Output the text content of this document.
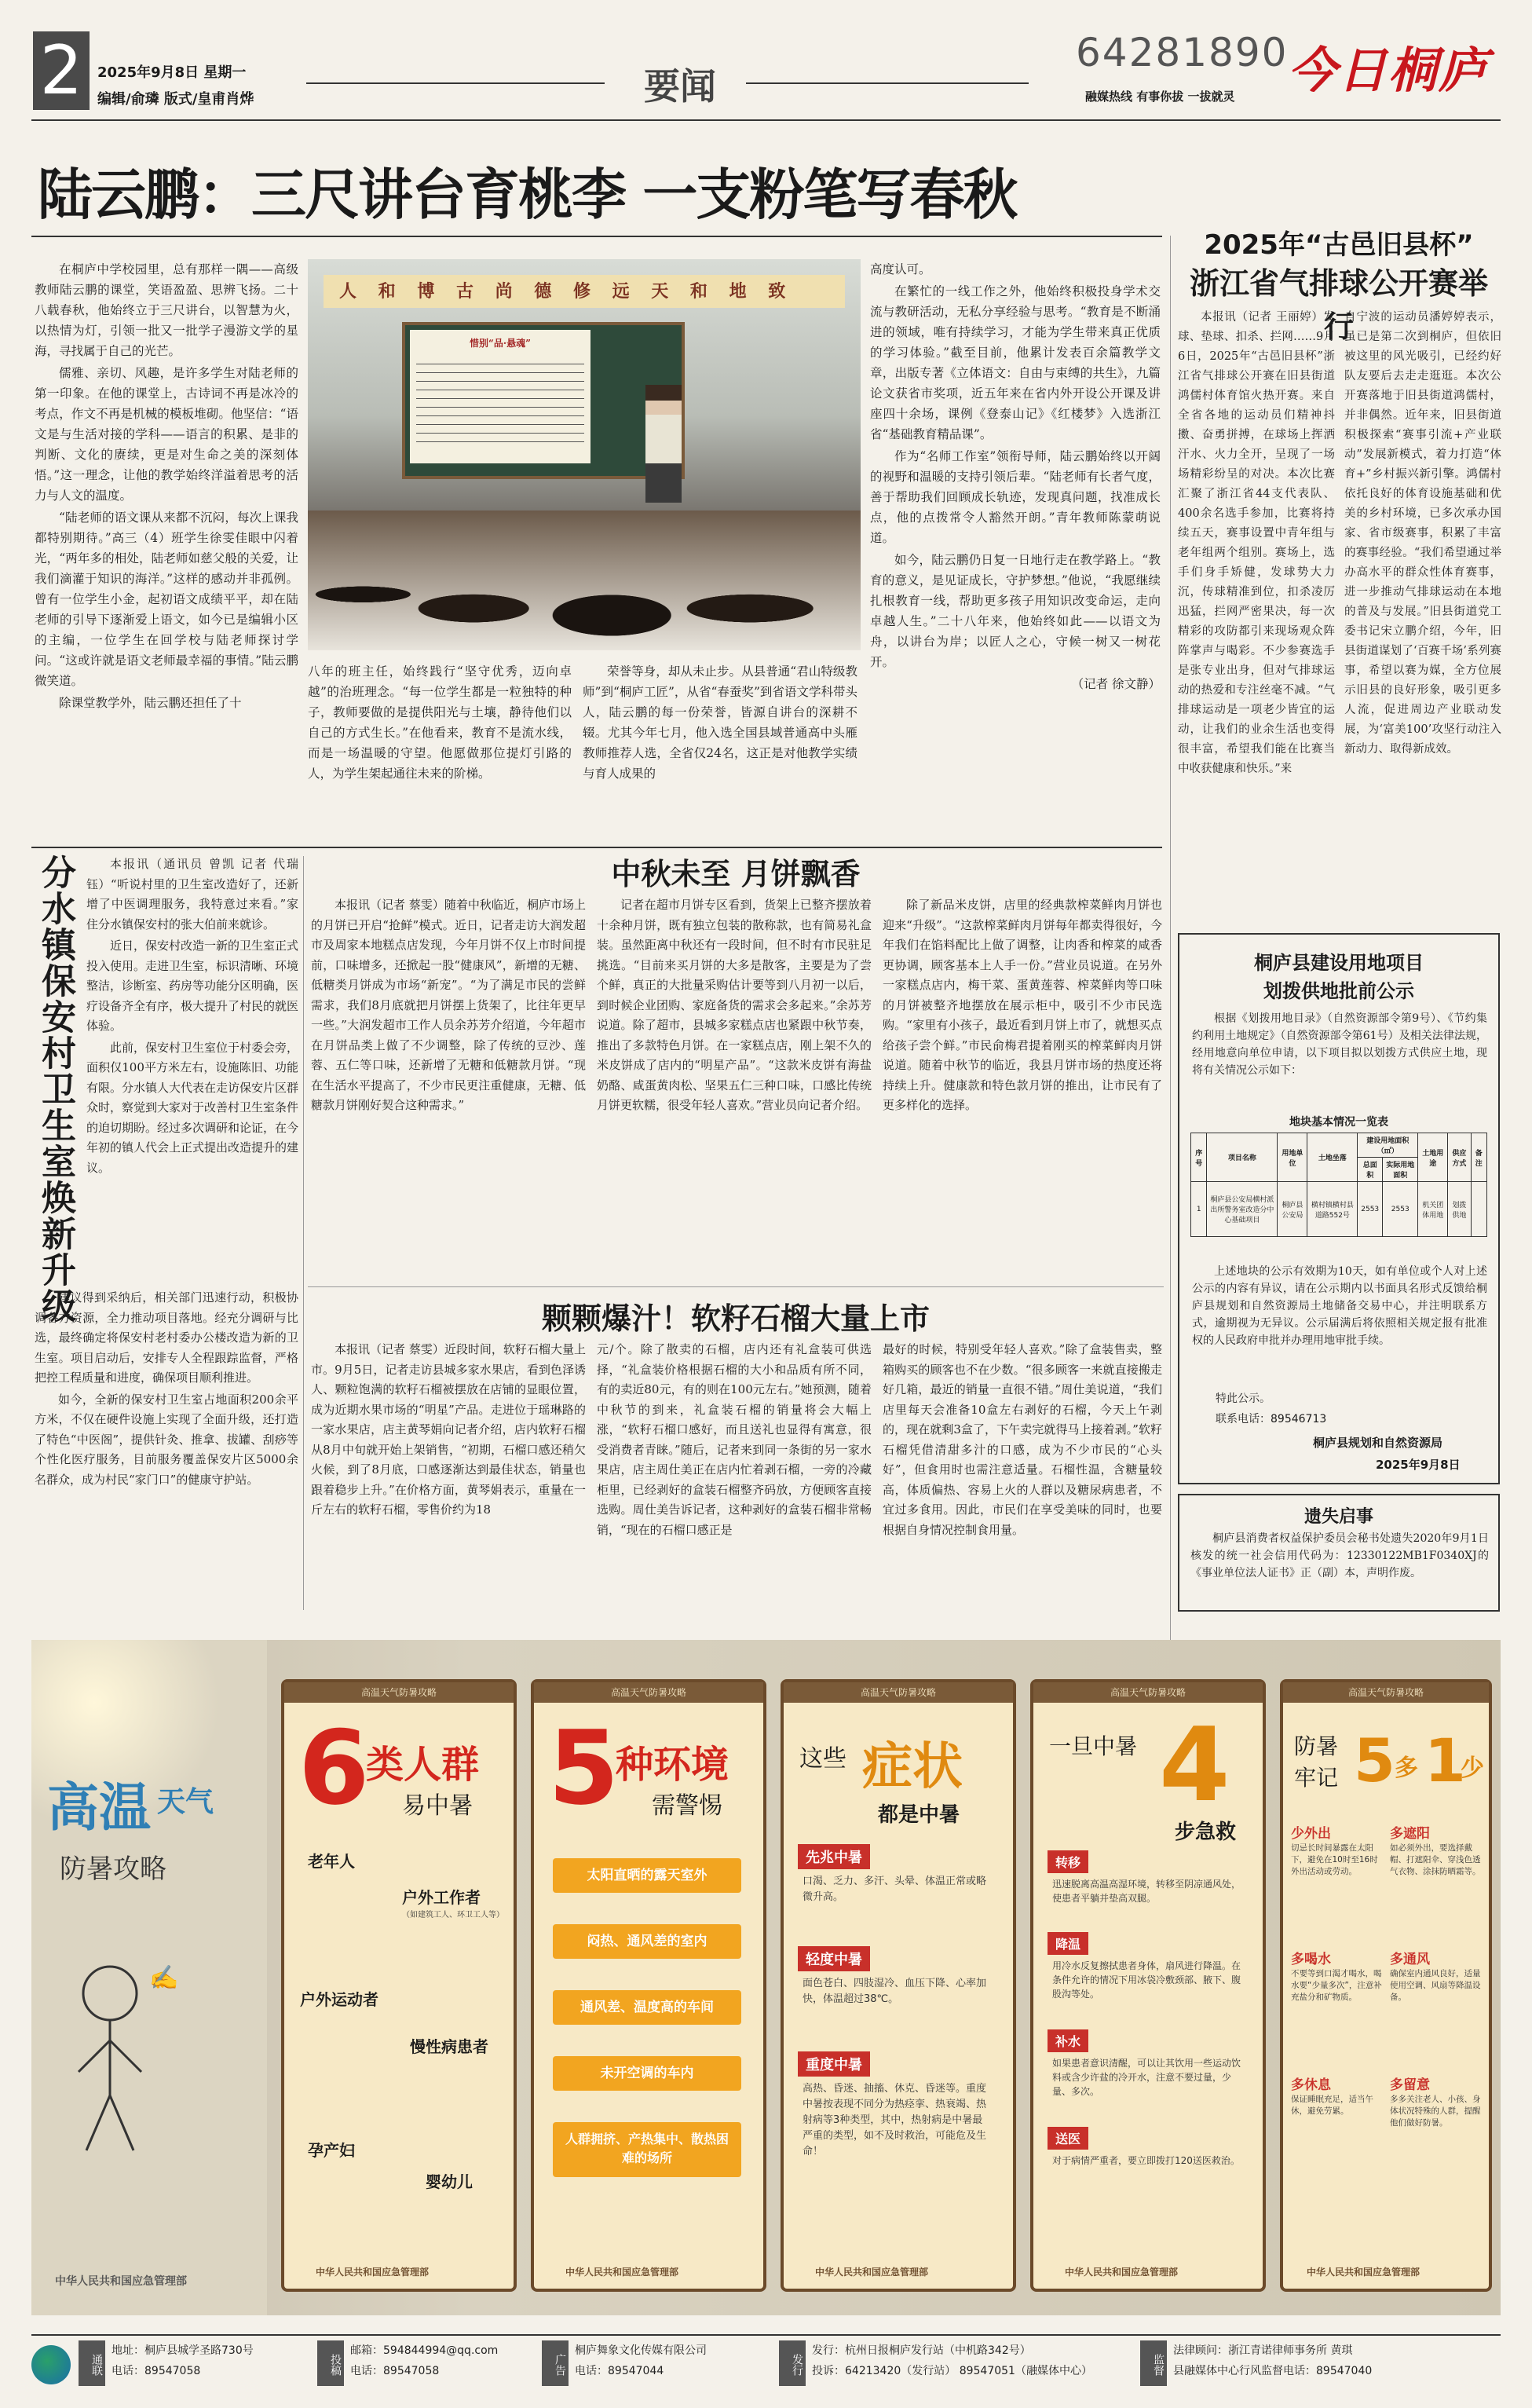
2	2025年9月8日 星期一
编辑/俞璘 版式/皇甫肖烨	要闻
64281890
融媒热线 有事你拔 一拔就灵 今日桐庐
陆云鹏：三尺讲台育桃李 一支粉笔写春秋

在桐庐中学校园里，总有那样一隅——高级教师陆云鹏的课堂，笑语盈盈、思辨飞扬。二十八载春秋，他始终立于三尺讲台，以智慧为火，以热情为灯，引领一批又一批学子漫游文学的星海，寻找属于自己的光芒。

儒雅、亲切、风趣，是许多学生对陆老师的第一印象。在他的课堂上，古诗词不再是冰冷的考点，作文不再是机械的模板堆砌。他坚信：“语文是与生活对接的学科——语言的积累、是非的判断、文化的赓续，更是对生命之美的深刻体悟。”这一理念，让他的教学始终洋溢着思考的活力与人文的温度。

“陆老师的语文课从来都不沉闷，每次上课我都特别期待。”高三（4）班学生徐雯佳眼中闪着光，“两年多的相处，陆老师如慈父般的关爱，让我们滴灌于知识的海洋。”这样的感动并非孤例。曾有一位学生小金，起初语文成绩平平，却在陆老师的引导下逐渐爱上语文，如今已是编辑小区的主编，一位学生在回学校与陆老师探讨学问。“这或许就是语文老师最幸福的事情。”陆云鹏微笑道。

除课堂教学外，陆云鹏还担任了十

人 和 博 古 尚 德 修 远 天 和 地 致
惜别“品·悬魂”

八年的班主任，始终践行“坚守优秀，迈向卓越”的治班理念。“每一位学生都是一粒独特的种子，教师要做的是提供阳光与土壤，静待他们以自己的方式生长。”在他看来，教育不是流水线，而是一场温暖的守望。他愿做那位提灯引路的人，为学生架起通往未来的阶梯。

荣誉等身，却从未止步。从县普通“君山特级教师”到“桐庐工匠”，从省“春蚕奖”到省语文学科带头人，陆云鹏的每一份荣誉，皆源自讲台的深耕不辍。尤其今年七月，他入选全国县域普通高中头雁教师推荐人选，全省仅24名，这正是对他教学实绩与育人成果的

高度认可。

在繁忙的一线工作之外，他始终积极投身学术交流与教研活动，无私分享经验与思考。“教育是不断涌进的领域，唯有持续学习，才能为学生带来真正优质的学习体验。”截至目前，他累计发表百余篇教学文章，出版专著《立体语文：自由与束缚的共生》，九篇论文获省市奖项，近五年来在省内外开设公开课及讲座四十余场，课例《登泰山记》《红楼梦》入选浙江省“基础教育精品课”。

作为“名师工作室”领衔导师，陆云鹏始终以开阔的视野和温暖的支持引领后辈。“陆老师有长者气度，善于帮助我们回顾成长轨迹，发现真问题，找准成长点，他的点拨常令人豁然开朗。”青年教师陈蒙萌说道。

如今，陆云鹏仍日复一日地行走在教学路上。“教育的意义，是见证成长，守护梦想。”他说，“我愿继续扎根教育一线，帮助更多孩子用知识改变命运，走向卓越人生。”二十八年来，他始终如此——以语文为舟，以讲台为岸；以匠人之心，守候一树又一树花开。

（记者 徐文静）

2025年“古邑旧县杯”
浙江省气排球公开赛举行

本报讯（记者 王丽婷）发球、垫球、扣杀、拦网……9月6日，2025年“古邑旧县杯”浙江省气排球公开赛在旧县街道鸿儒村体育馆火热开赛。来自全省各地的运动员们精神抖擞、奋勇拼搏，在球场上挥洒汗水、火力全开，呈现了一场场精彩纷呈的对决。本次比赛汇聚了浙江省44支代表队、400余名选手参加，比赛将持续五天，赛事设置中青年组与老年组两个组别。赛场上，选手们身手矫健，发球势大力沉，传球精准到位，扣杀凌厉迅猛，拦网严密果决，每一次精彩的攻防都引来现场观众阵阵掌声与喝彩。不少参赛选手是张专业出身，但对气排球运动的热爱和专注丝毫不减。“气排球运动是一项老少皆宜的运动，让我们的业余生活也变得很丰富，希望我们能在比赛当中收获健康和快乐。”来

自宁波的运动员潘婷婷表示，虽已是第二次到桐庐，但依旧被这里的风光吸引，已经约好队友要后去走走逛逛。本次公开赛落地于旧县街道鸿儒村，并非偶然。近年来，旧县街道积极探索“赛事引流+产业联动”发展新模式，着力打造“体育+”乡村振兴新引擎。鸿儒村依托良好的体育设施基础和优美的乡村环境，已多次承办国家、省市级赛事，积累了丰富的赛事经验。“我们希望通过举办高水平的群众性体育赛事，进一步推动气排球运动在本地的普及与发展。”旧县街道党工委书记宋立鹏介绍，今年，旧县街道谋划了‘百赛千场’系列赛事，希望以赛为媒，全方位展示旧县的良好形象，吸引更多人流，促进周边产业联动发展，为‘富美100’攻坚行动注入新动力、取得新成效。

分水镇保安村卫生室焕新升级	本报讯（通讯员 曾凯 记者 代瑞钰）“听说村里的卫生室改造好了，还新增了中医调理服务，我特意过来看。”家住分水镇保安村的张大伯前来就诊。

近日，保安村改造一新的卫生室正式投入使用。走进卫生室，标识清晰、环境整洁，诊断室、药房等功能分区明确，医疗设备齐全有序，极大提升了村民的就医体验。

此前，保安村卫生室位于村委会旁，面积仅100平方米左右，设施陈旧、功能有限。分水镇人大代表在走访保安片区群众时，察觉到大家对于改善村卫生室条件的迫切期盼。经过多次调研和论证，在今年初的镇人代会上正式提出改造提升的建议。

建议得到采纳后，相关部门迅速行动，积极协调各方资源，全力推动项目落地。经充分调研与比选，最终确定将保安村老村委办公楼改造为新的卫生室。项目启动后，安排专人全程跟踪监督，严格把控工程质量和进度，确保项目顺利推进。

如今，全新的保安村卫生室占地面积200余平方米，不仅在硬件设施上实现了全面升级，还打造了特色“中医阁”，提供针灸、推拿、拔罐、刮痧等个性化医疗服务，目前服务覆盖保安片区5000余名群众，成为村民“家门口”的健康守护站。

中秋未至 月饼飘香

本报讯（记者 蔡雯）随着中秋临近，桐庐市场上的月饼已开启“抢鲜”模式。近日，记者走访大润发超市及周家本地糕点店发现，今年月饼不仅上市时间提前，口味增多，还掀起一股“健康风”，新增的无糖、低糖类月饼成为市场“新宠”。“为了满足市民的尝鲜需求，我们8月底就把月饼摆上货架了，比往年更早一些。”大润发超市工作人员余苏芳介绍道，今年超市在月饼品类上做了不少调整，除了传统的豆沙、莲蓉、五仁等口味，还新增了无糖和低糖款月饼。“现在生活水平提高了，不少市民更注重健康，无糖、低糖款月饼刚好契合这种需求。”

记者在超市月饼专区看到，货架上已整齐摆放着十余种月饼，既有独立包装的散称款，也有简易礼盒装。虽然距离中秋还有一段时间，但不时有市民驻足挑选。“目前来买月饼的大多是散客，主要是为了尝个鲜，真正的大批量采购估计要等到八月初一以后，到时候企业团购、家庭备货的需求会多起来。”余苏芳说道。除了超市，县城多家糕点店也紧跟中秋节奏，推出了多款特色月饼。在一家糕点店，刚上架不久的米皮饼成了店内的“明星产品”。“这款米皮饼有海盐奶酪、咸蛋黄肉松、坚果五仁三种口味，口感比传统月饼更软糯，很受年轻人喜欢。”营业员向记者介绍。

除了新品米皮饼，店里的经典款榨菜鲜肉月饼也迎来“升级”。“这款榨菜鲜肉月饼每年都卖得很好，今年我们在馅料配比上做了调整，让肉香和榨菜的咸香更协调，顾客基本上人手一份。”营业员说道。在另外一家糕点店内，梅干菜、蛋黄莲蓉、榨菜鲜肉等口味的月饼被整齐地摆放在展示柜中，吸引不少市民选购。“家里有小孩子，最近看到月饼上市了，就想买点给孩子尝个鲜。”市民俞梅君提着刚买的榨菜鲜肉月饼说道。随着中秋节的临近，我县月饼市场的热度还将持续上升。健康款和特色款月饼的推出，让市民有了更多样化的选择。

颗颗爆汁！软籽石榴大量上市

本报讯（记者 蔡雯）近段时间，软籽石榴大量上市。9月5日，记者走访县城多家水果店，看到色泽诱人、颗粒饱满的软籽石榴被摆放在店铺的显眼位置，成为近期水果市场的“明星”产品。走进位于瑶琳路的一家水果店，店主黄琴娟向记者介绍，店内软籽石榴从8月中旬就开始上架销售，“初期，石榴口感还稍欠火候，到了8月底，口感逐渐达到最佳状态，销量也跟着稳步上升。”在价格方面，黄琴娟表示，重量在一斤左右的软籽石榴，零售价约为18

元/个。除了散卖的石榴，店内还有礼盒装可供选择，“礼盒装价格根据石榴的大小和品质有所不同，有的卖近80元，有的则在100元左右。”她预测，随着中秋节的到来，礼盒装石榴的销量将会大幅上涨，“软籽石榴口感好，而且送礼也显得有寓意，很受消费者青睐。”随后，记者来到同一条街的另一家水果店，店主周仕美正在店内忙着剥石榴，一旁的冷藏柜里，已经剥好的盒装石榴整齐码放，方便顾客直接选购。周仕美告诉记者，这种剥好的盒装石榴非常畅销，“现在的石榴口感正是

最好的时候，特别受年轻人喜欢。”除了盒装售卖，整箱购买的顾客也不在少数。“很多顾客一来就直接搬走好几箱，最近的销量一直很不错。”周仕美说道，“我们店里每天会准备10盒左右剥好的石榴，今天上午剥的，现在就剩3盒了，下午卖完就得马上接着剥。”软籽石榴凭借清甜多汁的口感，成为不少市民的“心头好”，但食用时也需注意适量。石榴性温，含糖量较高，体质偏热、容易上火的人群以及糖尿病患者，不宜过多食用。因此，市民们在享受美味的同时，也要根据自身情况控制食用量。

桐庐县建设用地项目
划拨供地批前公示
根据《划拨用地目录》（自然资源部令第9号）、《节约集约利用土地规定》（自然资源部令第61号）及相关法律法规，经用地意向单位申请，以下项目拟以划拨方式供应土地，现将有关情况公示如下：
地块基本情况一览表
序号	项目名称	用地单位	土地坐落	建设用地面积（㎡）		土地用途	供应方式	备注
				总面积	实际用地面积			
1	桐庐县公安局横村派出所警务室改造分中心基础项目	桐庐县公安局	横村镇横村县道路552号	2553	2553	机关团体用地	划拨供地	
上述地块的公示有效期为10天，如有单位或个人对上述公示的内容有异议，请在公示期内以书面具名形式反馈给桐庐县规划和自然资源局土地储备交易中心，并注明联系方式，逾期视为无异议。公示届满后将依照相关规定报有批准权的人民政府申批并办理用地审批手续。
特此公示。
联系电话：89546713
桐庐县规划和自然资源局
2025年9月8日
遗失启事
桐庐县消费者权益保护委员会秘书处遗失2020年9月1日核发的统一社会信用代码为：12330122MB1F0340XJ的《事业单位法人证书》正（副）本，声明作废。
高温 天气
防暑攻略
✍
中华人民共和国应急管理部
高温天气防暑攻略
6
类人群
易中暑
老年人
户外工作者
（如建筑工人、环卫工人等）
户外运动者
慢性病患者
孕产妇
婴幼儿
中华人民共和国应急管理部
高温天气防暑攻略
5
种环境
需警惕
太阳直晒的露天室外
闷热、通风差的室内
通风差、温度高的车间
未开空调的车内
人群拥挤、产热集中、散热困难的场所
中华人民共和国应急管理部
高温天气防暑攻略
这些 症状
都是中暑
先兆中暑
口渴、乏力、多汗、头晕、体温正常或略微升高。
轻度中暑
面色苍白、四肢湿冷、血压下降、心率加快，体温超过38℃。
重度中暑
高热、昏迷、抽搐、休克、昏迷等。重度中暑按表现不同分为热痉挛、热衰竭、热射病等3种类型，其中，热射病是中暑最严重的类型，如不及时救治，可能危及生命！
中华人民共和国应急管理部
高温天气防暑攻略
一旦中暑 4
步急救
转移
迅速脱离高温高湿环境，转移至阴凉通风处，使患者平躺并垫高双腿。
降温
用冷水反复擦拭患者身体，扇风进行降温。在条件允许的情况下用冰袋冷敷颈部、腋下、腹股沟等处。
补水
如果患者意识清醒，可以让其饮用一些运动饮料或含少许盐的冷开水，注意不要过量，少量、多次。
送医
对于病情严重者，要立即拨打120送医救治。
中华人民共和国应急管理部
高温天气防暑攻略
防暑
牢记 5 多 1
少
少外出
切忌长时间暴露在太阳下，避免在10时至16时外出活动或劳动。
多遮阳
如必须外出，要选择戴帽、打遮阳伞、穿浅色透气衣物、涂抹防晒霜等。
多喝水
不要等到口渴才喝水，喝水要“少量多次”，注意补充盐分和矿物质。
多通风
确保室内通风良好，适量使用空调、风扇等降温设备。
多休息
保证睡眠充足，适当午休，避免劳累。
多留意
多多关注老人、小孩、身体状况特殊的人群，提醒他们做好防暑。
中华人民共和国应急管理部
通联
地址：桐庐县城学圣路730号
电话：89547058	投稿
邮箱：594844994@qq.com
电话：89547058	广告
桐庐舞象文化传媒有限公司
电话：89547044	发行
发行：杭州日报桐庐发行站（中机路342号）
投诉：64213420（发行站） 89547051（融媒体中心）	监督
法律顾问：浙江青诺律师事务所 黄琪
县融媒体中心行风监督电话：89547040
